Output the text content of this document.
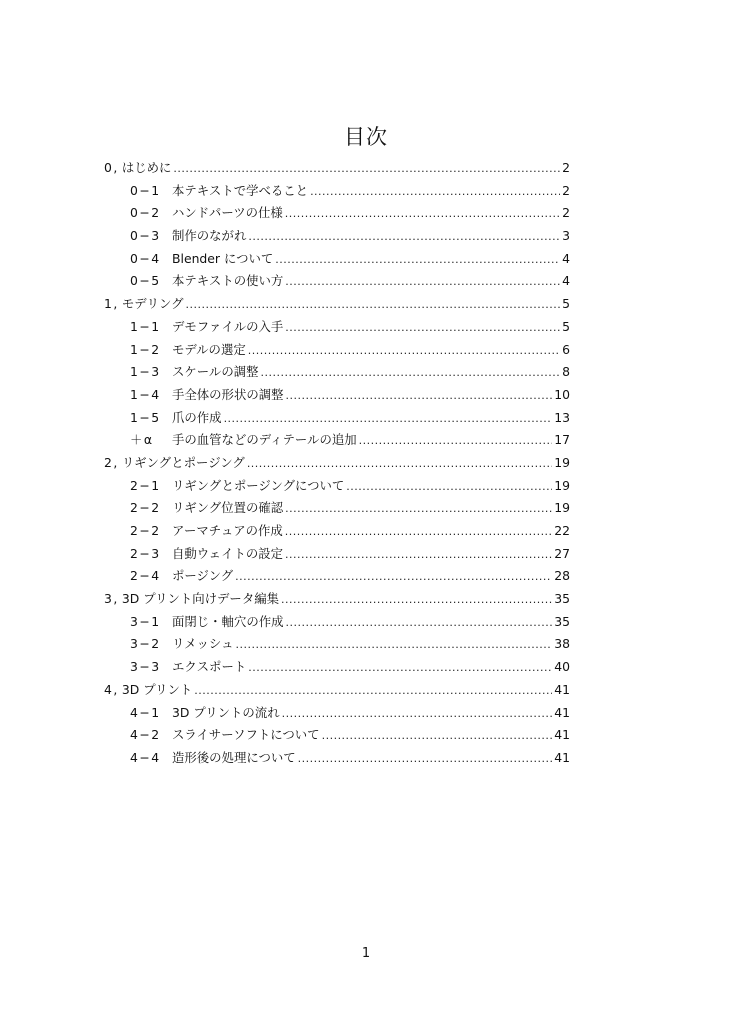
目次
0, はじめに .....	2
0−1 本テキストで学べること .....	2
0−2 ハンドパーツの仕様 .....	2
0−3 制作のながれ .....	3
0−4 Blender について .....	4
0−5 本テキストの使い方 .....	4
1, モデリング .....	5
1−1 デモファイルの入手 .....	5
1−2 モデルの選定 .....	6
1−3 スケールの調整 .....	8
1−4 手全体の形状の調整 .....	10
1−5 爪の作成 .....	13
＋α	手の血管などのディテールの追加 .....	17
2, リギングとポージング .....	19
2−1 リギングとポージングについて .....	19
2−2 リギング位置の確認 .....	19
2−2 アーマチュアの作成 .....	22
2−3 自動ウェイトの設定 .....	27
2−4 ポージング .....	28
3, 3D プリント向けデータ編集 .....	35
3−1 面閉じ・軸穴の作成 .....	35
3−2 リメッシュ .....	38
3−3 エクスポート .....	40
4, 3D プリント .....	41
4−1 3D プリントの流れ .....	41
4−2 スライサーソフトについて .....	41
4−4 造形後の処理について .....	41
1
